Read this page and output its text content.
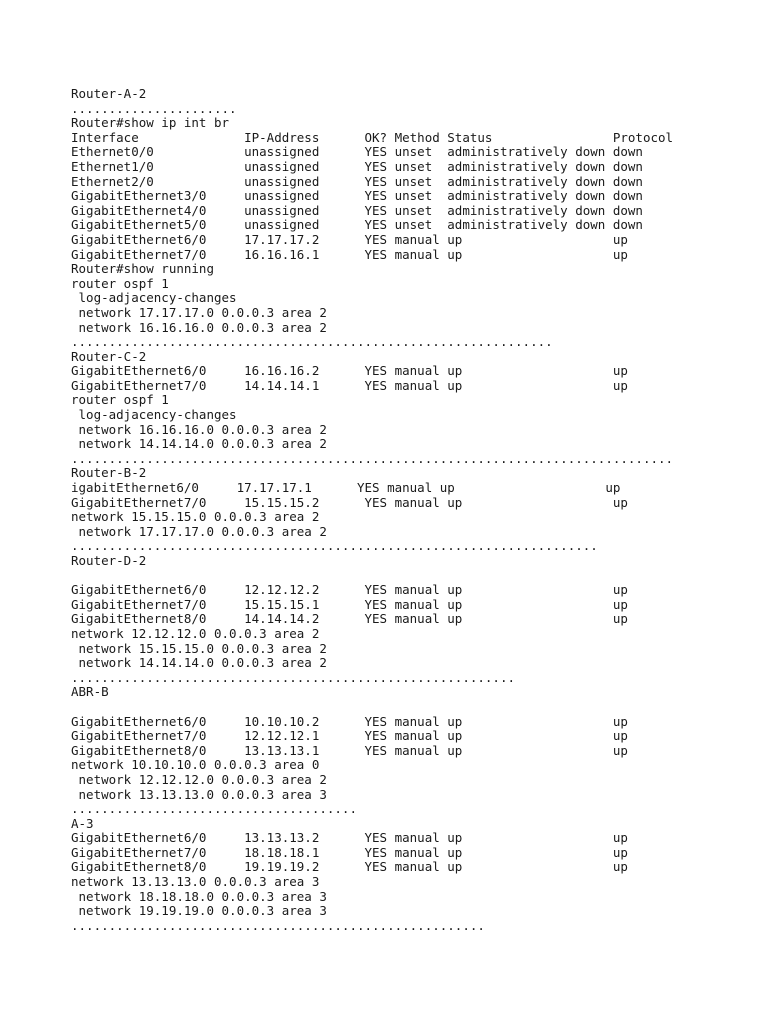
Router-A-2
......................
Router#show ip int br
Interface              IP-Address      OK? Method Status                Protocol
Ethernet0/0            unassigned      YES unset  administratively down down
Ethernet1/0            unassigned      YES unset  administratively down down
Ethernet2/0            unassigned      YES unset  administratively down down
GigabitEthernet3/0     unassigned      YES unset  administratively down down
GigabitEthernet4/0     unassigned      YES unset  administratively down down
GigabitEthernet5/0     unassigned      YES unset  administratively down down
GigabitEthernet6/0     17.17.17.2      YES manual up                    up
GigabitEthernet7/0     16.16.16.1      YES manual up                    up
Router#show running
router ospf 1
log-adjacency-changes
network 17.17.17.0 0.0.0.3 area 2
network 16.16.16.0 0.0.0.3 area 2
................................................................
Router-C-2
GigabitEthernet6/0     16.16.16.2      YES manual up                    up
GigabitEthernet7/0     14.14.14.1      YES manual up                    up
router ospf 1
log-adjacency-changes
network 16.16.16.0 0.0.0.3 area 2
network 14.14.14.0 0.0.0.3 area 2
................................................................................
Router-B-2
igabitEthernet6/0     17.17.17.1      YES manual up                    up
GigabitEthernet7/0     15.15.15.2      YES manual up                    up
network 15.15.15.0 0.0.0.3 area 2
network 17.17.17.0 0.0.0.3 area 2
......................................................................
Router-D-2
GigabitEthernet6/0     12.12.12.2      YES manual up                    up
GigabitEthernet7/0     15.15.15.1      YES manual up                    up
GigabitEthernet8/0     14.14.14.2      YES manual up                    up
network 12.12.12.0 0.0.0.3 area 2
network 15.15.15.0 0.0.0.3 area 2
network 14.14.14.0 0.0.0.3 area 2
...........................................................
ABR-B
GigabitEthernet6/0     10.10.10.2      YES manual up                    up
GigabitEthernet7/0     12.12.12.1      YES manual up                    up
GigabitEthernet8/0     13.13.13.1      YES manual up                    up
network 10.10.10.0 0.0.0.3 area 0
network 12.12.12.0 0.0.0.3 area 2
network 13.13.13.0 0.0.0.3 area 3
......................................
A-3
GigabitEthernet6/0     13.13.13.2      YES manual up                    up
GigabitEthernet7/0     18.18.18.1      YES manual up                    up
GigabitEthernet8/0     19.19.19.2      YES manual up                    up
network 13.13.13.0 0.0.0.3 area 3
network 18.18.18.0 0.0.0.3 area 3
network 19.19.19.0 0.0.0.3 area 3
.......................................................
